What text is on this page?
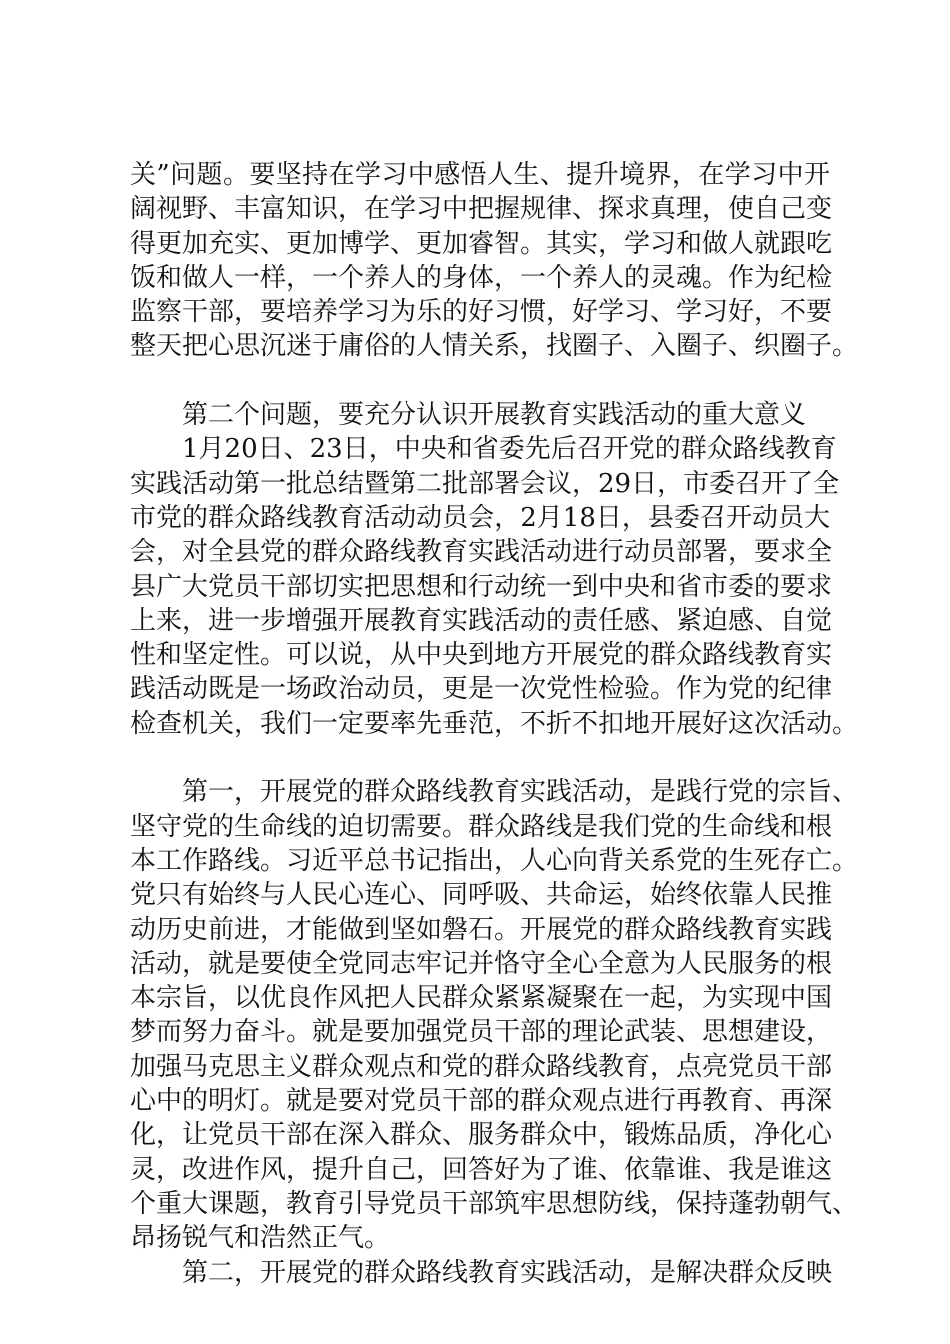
关”问题。要坚持在学习中感悟人生、提升境界，在学习中开
阔视野、丰富知识，在学习中把握规律、探求真理，使自己变
得更加充实、更加博学、更加睿智。其实，学习和做人就跟吃
饭和做人一样，一个养人的身体，一个养人的灵魂。作为纪检
监察干部，要培养学习为乐的好习惯，好学习、学习好，不要
整天把心思沉迷于庸俗的人情关系，找圈子、入圈子、织圈子。
第二个问题，要充分认识开展教育实践活动的重大意义
1月20日、23日，中央和省委先后召开党的群众路线教育
实践活动第一批总结暨第二批部署会议，29日，市委召开了全
市党的群众路线教育活动动员会，2月18日，县委召开动员大
会，对全县党的群众路线教育实践活动进行动员部署，要求全
县广大党员干部切实把思想和行动统一到中央和省市委的要求
上来，进一步增强开展教育实践活动的责任感、紧迫感、自觉
性和坚定性。可以说，从中央到地方开展党的群众路线教育实
践活动既是一场政治动员，更是一次党性检验。作为党的纪律
检查机关，我们一定要率先垂范，不折不扣地开展好这次活动。
第一，开展党的群众路线教育实践活动，是践行党的宗旨、
坚守党的生命线的迫切需要。群众路线是我们党的生命线和根
本工作路线。习近平总书记指出，人心向背关系党的生死存亡。
党只有始终与人民心连心、同呼吸、共命运，始终依靠人民推
动历史前进，才能做到坚如磐石。开展党的群众路线教育实践
活动，就是要使全党同志牢记并恪守全心全意为人民服务的根
本宗旨，以优良作风把人民群众紧紧凝聚在一起，为实现中国
梦而努力奋斗。就是要加强党员干部的理论武装、思想建设，
加强马克思主义群众观点和党的群众路线教育，点亮党员干部
心中的明灯。就是要对党员干部的群众观点进行再教育、再深
化，让党员干部在深入群众、服务群众中，锻炼品质，净化心
灵，改进作风，提升自己，回答好为了谁、依靠谁、我是谁这
个重大课题，教育引导党员干部筑牢思想防线，保持蓬勃朝气、
昂扬锐气和浩然正气。
第二，开展党的群众路线教育实践活动，是解决群众反映
